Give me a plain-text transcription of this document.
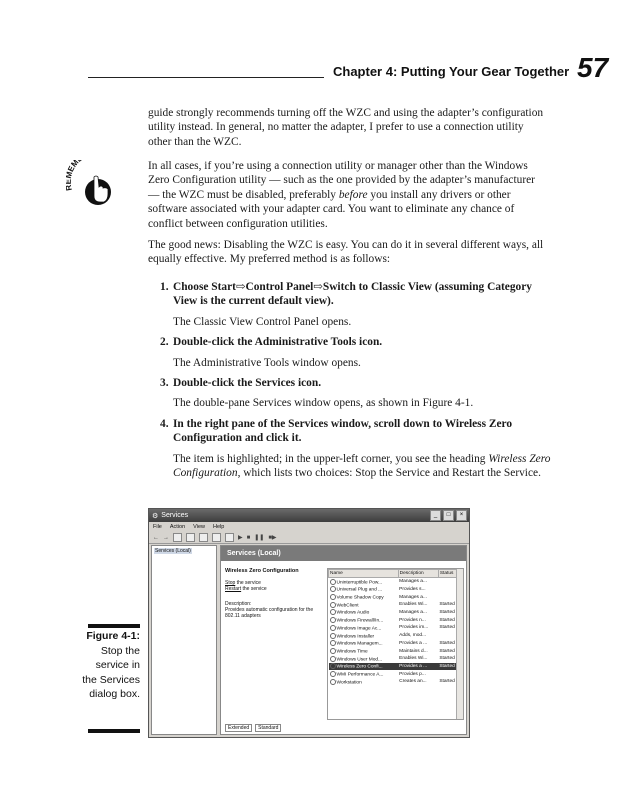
Chapter 4: Putting Your Gear Together 57

guide strongly recommends turning off the WZC and using the adapter’s configuration utility instead. In general, no matter the adapter, I prefer to use a connection utility other than the WZC.

EM	In all cases, if you’re using a connection utility or manager other than the Windows Zero Configuration utility — such as the one provided by the adapter’s manufacturer — the WZC must be disabled, preferably before you install any drivers or other software associated with your adapter card. You want to eliminate any chance of conflict between configuration utilities.

The good news: Disabling the WZC is easy. You can do it in several different ways, all equally effective. My preferred method is as follows:

1. Choose Start⇨Control Panel⇨Switch to Classic View (assuming Category View is the current default view).
The Classic View Control Panel opens.
2. Double-click the Administrative Tools icon.
The Administrative Tools window opens.
3. Double-click the Services icon.
The double-pane Services window opens, as shown in Figure 4-1.
4. In the right pane of the Services window, scroll down to Wireless Zero Configuration and click it.
The item is highlighted; in the upper-left corner, you see the heading Wireless Zero Configuration, which lists two choices: Stop the Service and Restart the Service.
Figure 4-1:
Stop the service in the Services dialog box.
⚙ Services	_	□	×
File Action View Help
← →	▶ ■ ❚❚ ■▶
Services (Local)	Services (Local)
Wireless Zero Configuration
Stop the service
Restart the service
Description:
Provides automatic configuration for the 802.11 adapters
Name	Description	Status
Uninterruptible Pow...	Manages a...	
Universal Plug and ...	Provides s...	
Volume Shadow Copy	Manages a...	
WebClient	Enables Wi...	Started
Windows Audio	Manages a...	Started
Windows Firewall/In...	Provides n...	Started
Windows Image Ac...	Provides im...	Started
Windows Installer	Adds, mod...	
Windows Managem...	Provides a ...	Started
Windows Time	Maintains d...	Started
Windows User Mod...	Enables Wi...	Started
Wireless Zero Confi...	Provides a ...	Started
WMI Performance A...	Provides p...	
Workstation	Creates an...	Started
Extended	Standard
